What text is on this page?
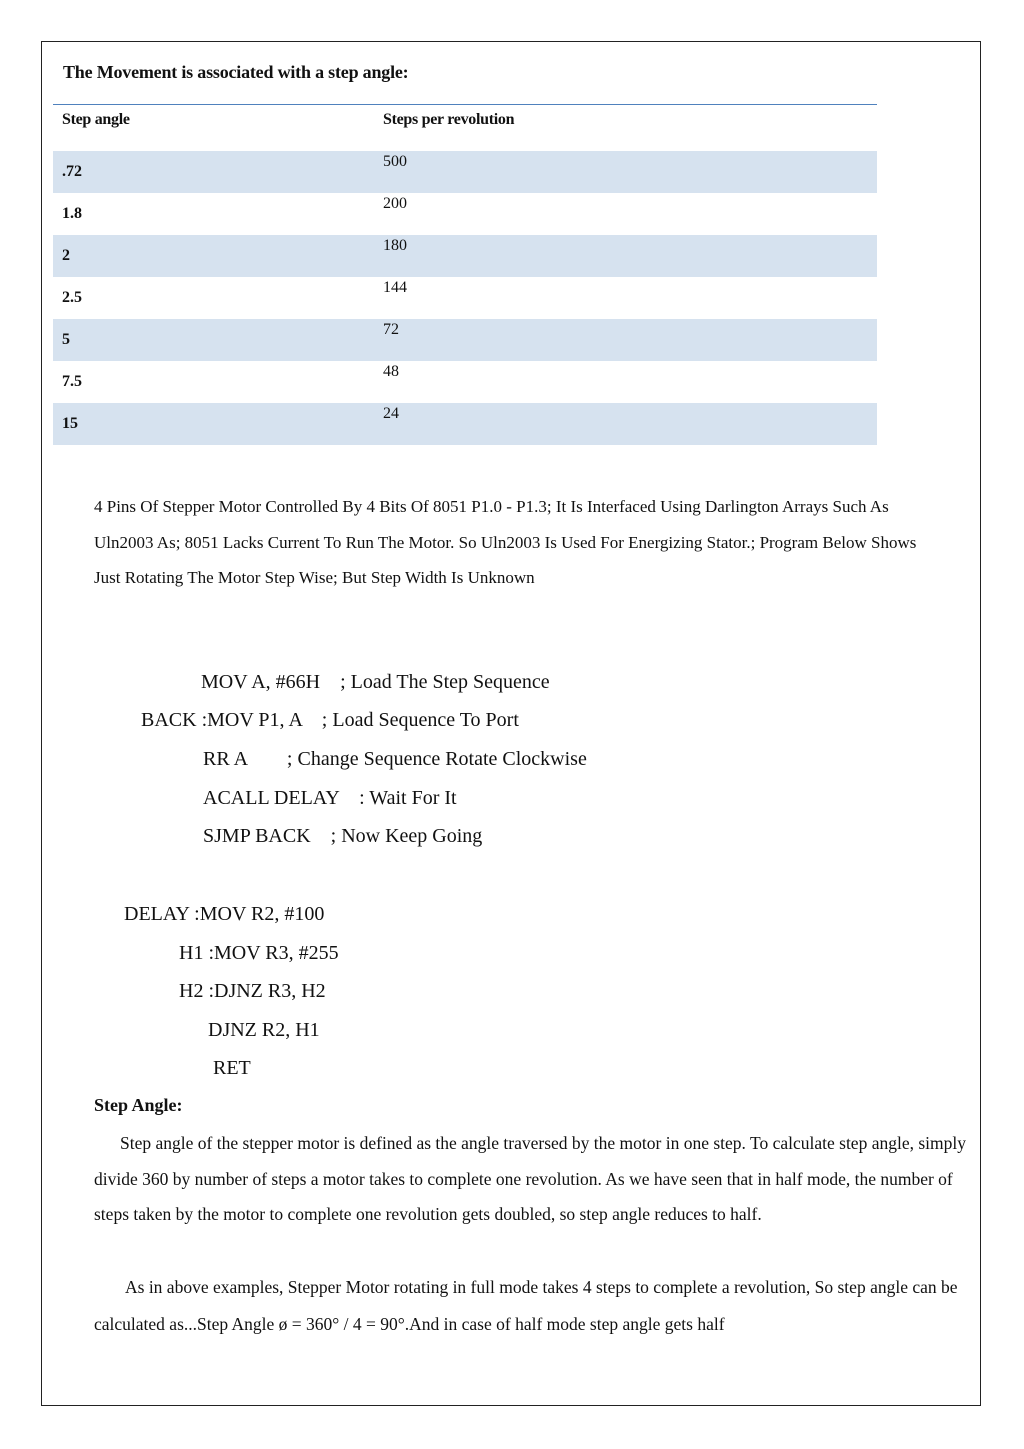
The Movement is associated with a step angle:
Step angle	Steps per revolution
.72
500
1.8
200
2
180
2.5
144
5
72
7.5
48
15
24
4 Pins Of Stepper Motor Controlled By 4 Bits Of 8051 P1.0 - P1.3; It Is Interfaced Using Darlington Arrays Such As Uln2003 As; 8051 Lacks Current To Run The Motor. So Uln2003 Is Used For Energizing Stator.; Program Below Shows Just Rotating The Motor Step Wise; But Step Width Is Unknown
MOV A, #66H    ; Load The Step Sequence
BACK :MOV P1, A    ; Load Sequence To Port
RR A        ; Change Sequence Rotate Clockwise
ACALL DELAY    : Wait For It
SJMP BACK    ; Now Keep Going
DELAY :MOV R2, #100
H1 :MOV R3, #255
H2 :DJNZ R3, H2
DJNZ R2, H1
RET
Step Angle:
Step angle of the stepper motor is defined as the angle traversed by the motor in one step. To calculate step angle, simply divide 360 by number of steps a motor takes to complete one revolution. As we have seen that in half mode, the number of steps taken by the motor to complete one revolution gets doubled, so step angle reduces to half.
As in above examples, Stepper Motor rotating in full mode takes 4 steps to complete a revolution, So step angle can be calculated as...Step Angle ø = 360° / 4 = 90°.And in case of half mode step angle gets half
